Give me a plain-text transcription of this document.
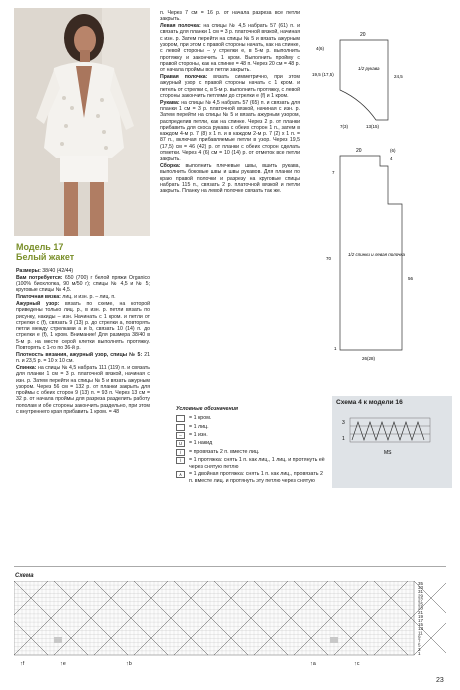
Модель 17
Белый жакет

Размеры: 38/40 (42/44)

Вам потребуется: 650 (700) г белой пряжи Organico (100% биохлопка, 90 м/50 г); спицы № 4,5 и № 5; круговые спицы № 4,5.

Платочная вязка: лиц. и изн. р. – лиц. п.

Ажурный узор: вязать по схеме, на которой приведены только лиц. р., в изн. р. петли вязать по рисунку, накиды – изн. Начинать с 1 кром. и петли от стрелки с (f), связать 9 (13) р. до стрелки а, повторять петли между стрелками а и b, связать 10 (14) п. до стрелки е (f), 1 кром. Внимание! Для размера 38/40 в 5-м р. на месте серой клетки выполнять протяжку. Повторять с 1-го по 36-й р.

Плотность вязания, ажурный узор, спицы № 5: 21 п. и 23,5 р. = 10 х 10 см.

Спинка: на спицы № 4,5 набрать 111 (119) п. и связать для планки 1 см = 3 р. платочной вязкой, начиная с изн. р. Затем перейти на спицы № 5 и вязать ажурным узором. Через 56 см = 132 р. от планки закрыть для проймы с обеих сторон 9 (13) п. = 93 п. Через 13 см = 32 р. от начала проймы для разреза разделить работу пополам и обе стороны закончить раздельно, при этом с внутреннего края прибавить 1 кром. = 48

п. Через 7 см = 16 р. от начала разреза все петли закрыть.

Левая полочка: на спицы № 4,5 набрать 57 (61) п. и связать для планки 1 см = 3 р. платочной вязкой, начиная с изн. р. Затем перейти на спицы № 5 и вязать ажурным узором, при этом с правой стороны начать, как на спинке, с левой стороны – у стрелки e, в 5-м р. выполнить протяжку и закончить 1 кром. Выполнить пройму с правой стороны, как на спинке = 48 п. Через 20 см = 48 р. от начала проймы все петли закрыть.

Правая полочка: вязать симметрично, при этом ажурный узор с правой стороны начать с 1 кром. и петель от стрелки с, в 5-м р. выполнить протяжку, с левой стороны закончить петлями до стрелки e (f) и 1 кром.

Рукава: на спицы № 4,5 набрать 57 (65) п. и связать для планки 1 см = 3 р. платочной вязкой, начиная с изн. р. Затем перейти на спицы № 5 и вязать ажурным узором, распределив петли, как на спинке. Через 2 р. от планки прибавить для скоса рукава с обеих сторон 1 п., затем в каждом 4-м р. 7 (8) х 1 п. и в каждом 2-м р. 7 (2) х 1 п. = 87 п., включая прибавляемые петли в узор. Через 19,5 (17,5) см = 46 (42) р. от планки с обеих сторон сделать отметки. Через 4 (6) см = 10 (14) р. от отметок все петли закрыть.

Сборка: выполнить плечевые швы, вшить рукава, выполнить боковые швы и швы рукавов. Для планки по краю правой полочки и разрезу на круговые спицы набрать 115 п., связать 2 р. платочной вязкой и петли закрыть. Планку на левой полочке связать так же.

20
4(6)
19,5 (17,5)	24,5
7(3)	13(15)
1/2 рукава
20	(6)
4
7
70
56
1
26(28)
1/2 спинки и левая полочка
Условные обозначения
= 1 кром.
= 1 лиц.
–	= 1 изн.
U	= 1 накид
/	= провязать 2 п. вместе лиц.
\	= 1 протяжка: снять 1 п. как лиц., 1 лиц. и протянуть её через снятую петлю
∧	= 1 двойная протяжка: снять 1 п. как лиц., провязать 2 п. вместе лиц. и протянуть эту петлю через снятую
Схема 4 к модели 16
3
1
MS
Схема
35
33
31
29
27
25
23
21
19
17
15
13
11
9
7
5
3
1
↑f	↑e	↑b	↑a	↑c
23
